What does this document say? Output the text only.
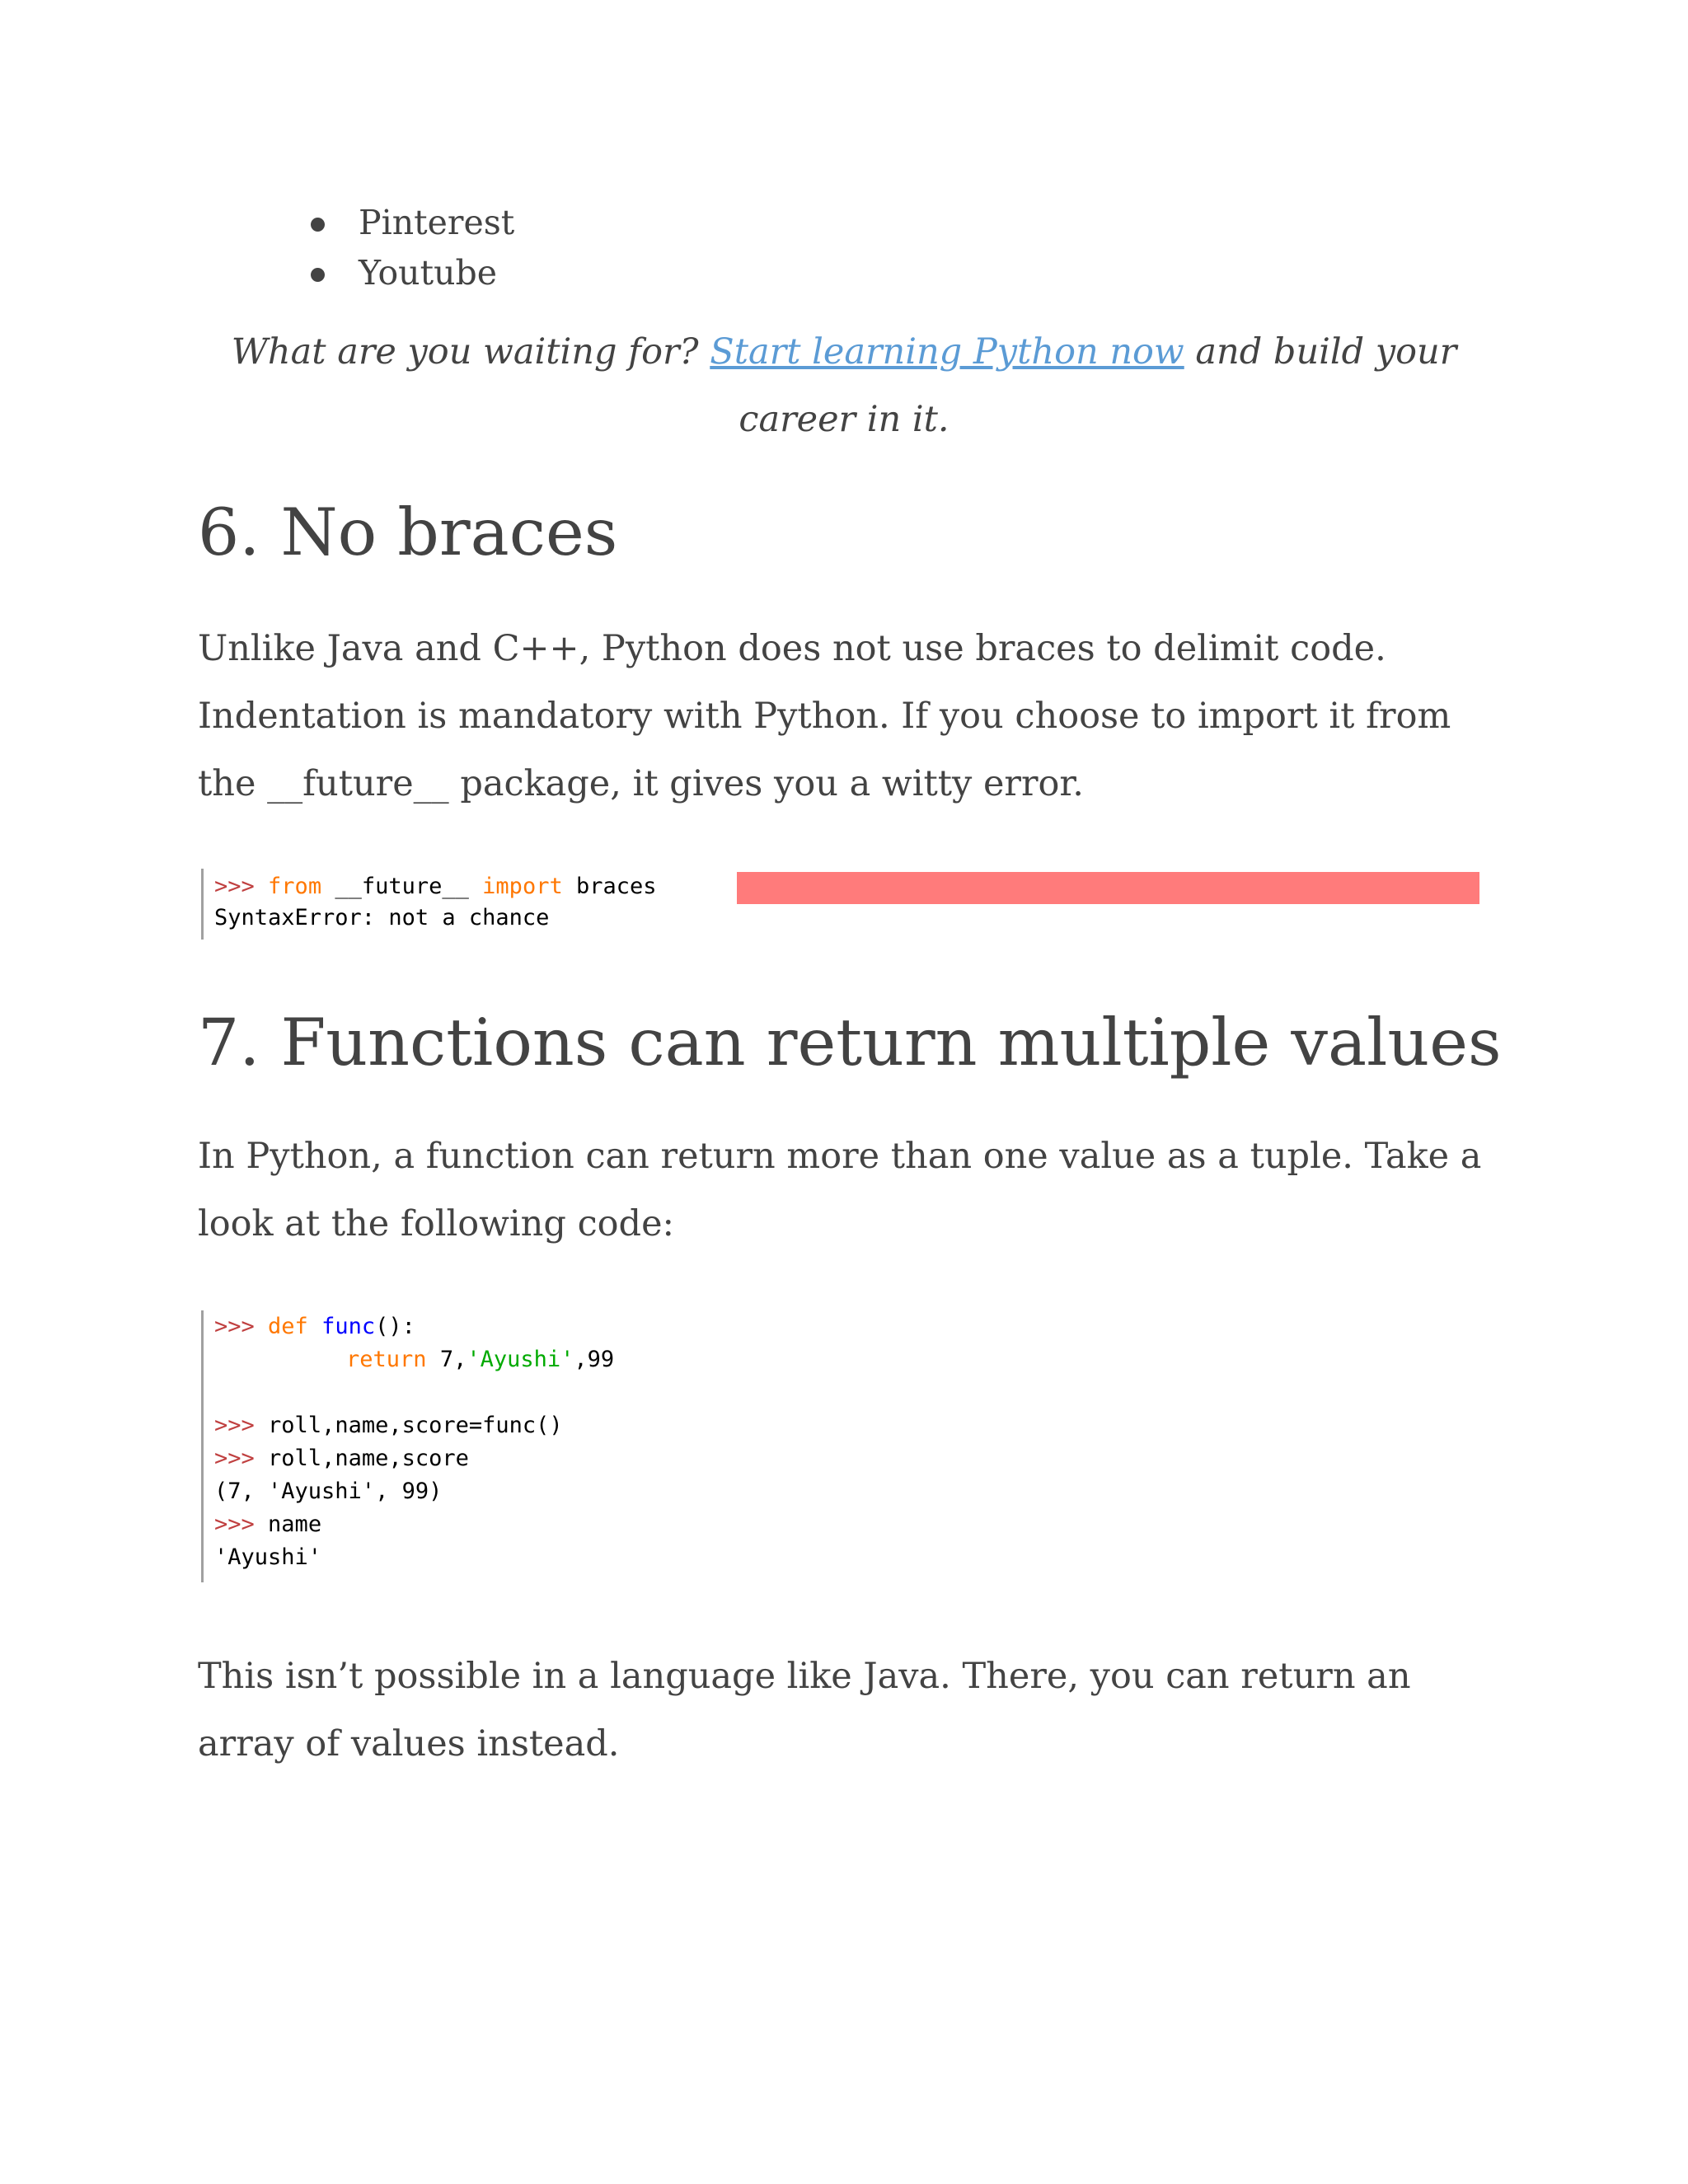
Pinterest
Youtube

What are you waiting for? Start learning Python now and build your career in it.

6. No braces

Unlike Java and C++, Python does not use braces to delimit code. Indentation is mandatory with Python. If you choose to import it from the __future__ package, it gives you a witty error.

>>> from __future__ import braces
SyntaxError: not a chance
7. Functions can return multiple values

In Python, a function can return more than one value as a tuple. Take a look at the following code:

>>> def func():
return 7,'Ayushi',99
>>> roll,name,score=func()
>>> roll,name,score
(7, 'Ayushi', 99)
>>> name
'Ayushi'

This isn’t possible in a language like Java. There, you can return an array of values instead.
